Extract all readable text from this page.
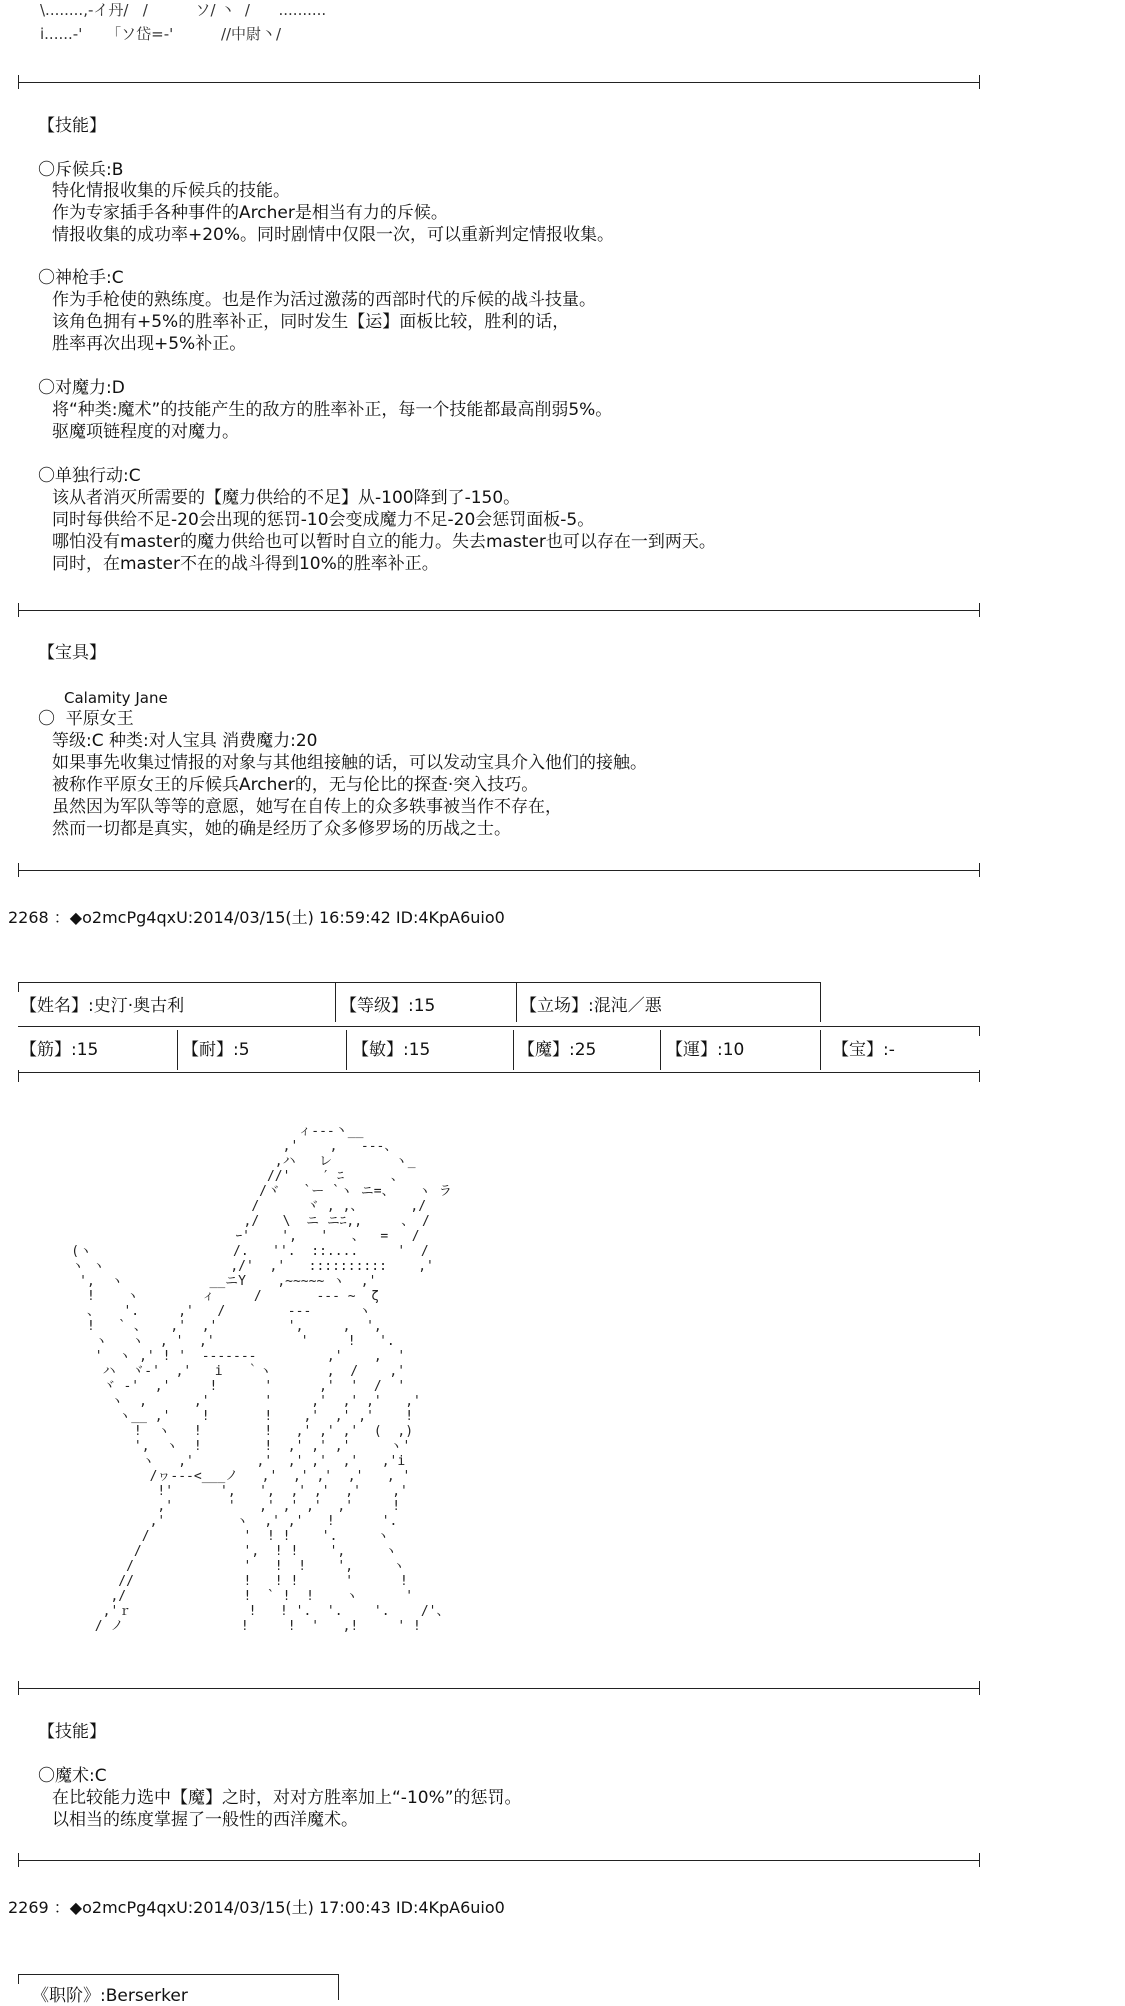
\........,-イ丹/   /          ソ/ 丶  /      ..........
i......-'     「ソ岱=-'          //中尉丶/
【技能】
〇斥候兵:B
特化情报收集的斥候兵的技能。
作为专家插手各种事件的Archer是相当有力的斥候。
情报收集的成功率+20%。同时剧情中仅限一次，可以重新判定情报收集。
〇神枪手:C
作为手枪使的熟练度。也是作为活过激荡的西部时代的斥候的战斗技量。
该角色拥有+5%的胜率补正，同时发生【运】面板比较，胜利的话，
胜率再次出现+5%补正。
〇对魔力:D
将“种类:魔术”的技能产生的敌方的胜率补正，每一个技能都最高削弱5%。
驱魔项链程度的对魔力。
〇单独行动:C
该从者消灭所需要的【魔力供给的不足】从-100降到了-150。
同时每供给不足-20会出现的惩罚-10会变成魔力不足-20会惩罚面板-5。
哪怕没有master的魔力供给也可以暂时自立的能力。失去master也可以存在一到两天。
同时，在master不在的战斗得到10%的胜率补正。
【宝具】
Calamity Jane
〇  平原女王
等级:C 种类:对人宝具 消费魔力:20
如果事先收集过情报的对象与其他组接触的话，可以发动宝具介入他们的接触。
被称作平原女王的斥候兵Archer的，无与伦比的探查·突入技巧。
虽然因为军队等等的意愿，她写在自传上的众多轶事被当作不存在，
然而一切都是真实，她的确是经历了众多修罗场的历战之士。
2268 ：◆o2mcPg4qxU:2014/03/15(土) 16:59:42 ID:4KpA6uio0
【姓名】:史汀·奥古利	【等级】:15	【立场】:混沌／悪
【筋】:15	【耐】:5	【敏】:15	【魔】:25	【運】:10	【宝】:-
ィ---丶__
,'    ,   ‐--、
,ハ   レ        ヽ_
//'    ′ ﾆ      、
/ヾ   `ー `ヽ ニ=、   ヽ ラ
/      ヾ , ,、      ,/
,/   \  ニ ニﾆ,,     、 /
ｰ'    ',   '   、  =   /
(ヽ                  /.   ''.  ::....     '  /
ヽ ヽ                ,/'  ,'   ::::::::::    ,'
',  ヽ           __ニY    ,~~~~~ ヽ  ,'
!    ヽ        ィ     /       -‐‐ ~  ζ
、   '.     ,'   /        ‐--      ヽ
!   ` 、   ,'  ,'         ',     ,  ',
ヽ   ヽ  , '  ,'           '     !   '.
'  ヽ ,' ! '  ‐-----‐         ,'    ,  '
ハ  ヾ-'  ,'   i   ｀ヽ       ,  /    ,'
ヾ ‐'  ,'     !      '      ,'  '  /  '
ヽ  ,      ,'       '     ,'  ,' ,'   ,'
ヽ__ ,'    !       !    ,'  ,' ,'    !
!  ヽ   !        !   ,' ,' ,'  (  ,)
',  ヽ  !        !  ,' ,' ,'     ヽ'
ヽ   ,'        ,'  ,' ,'  ,'   ,'i
/ヮ---<___ノ   ,'  ,' ,'  ,'   , '
!'      ',   ',  ,' ,'  ,'    ,'
,'       '   ,' ,' ,'  ,'     !
,'         ヽ  ,' ,'   !      '.
/            '  ! !    '.     ヽ
/             ',  ! !    ',     ヽ
/              '   !  !    ',     ヽ
//              !   ! !      '      !
,/               !  ` !  !    ヽ      '
,'ｒ               !   ! '.  '.    '.    /'、
/ ノ               !     !  '   ,!     ' !
【技能】
〇魔术:C
在比较能力选中【魔】之时，对对方胜率加上“-10%”的惩罚。
以相当的练度掌握了一般性的西洋魔术。
2269 ：◆o2mcPg4qxU:2014/03/15(土) 17:00:43 ID:4KpA6uio0
《职阶》:Berserker
